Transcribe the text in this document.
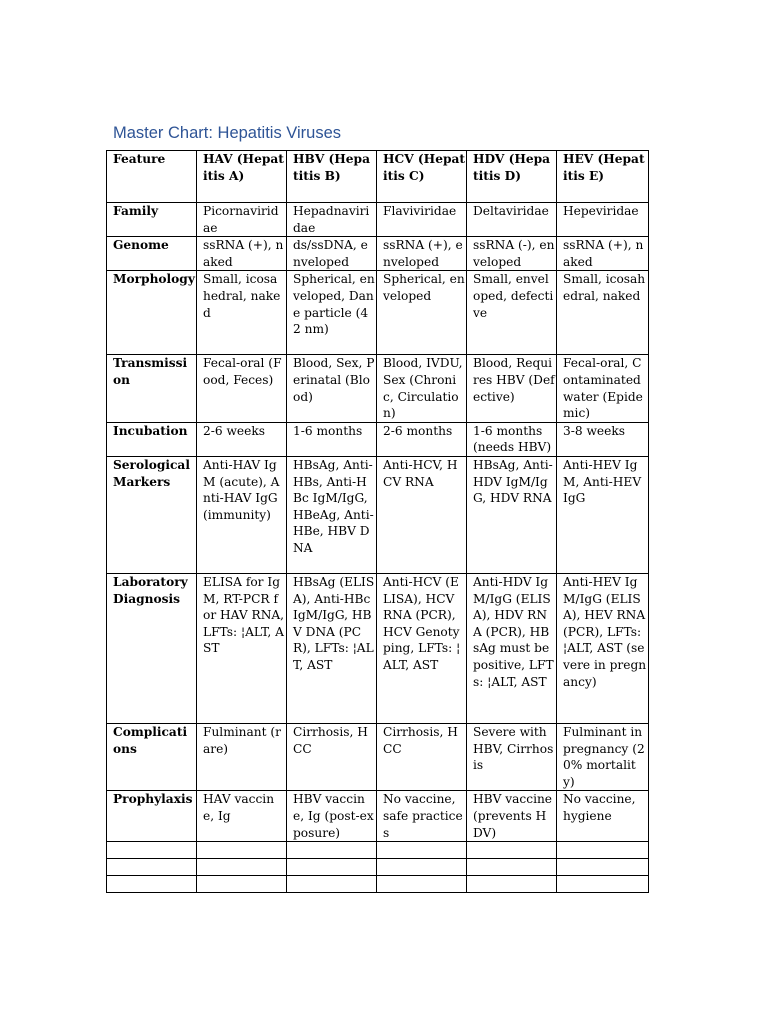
Master Chart: Hepatitis Viruses
Feature	HAV (Hepatitis A)	HBV (Hepatitis B)	HCV (Hepatitis C)	HDV (Hepatitis D)	HEV (Hepatitis E)
Family	Picornaviridae	Hepadnaviridae	Flaviviridae	Deltaviridae	Hepeviridae
Genome	ssRNA (+), naked	ds/ssDNA, enveloped	ssRNA (+), enveloped	ssRNA (-), enveloped	ssRNA (+), naked
Morphology	Small, icosahedral, naked	Spherical, enveloped, Dane particle (42 nm)	Spherical, enveloped	Small, enveloped, defective	Small, icosahedral, naked
Transmission	Fecal-oral (Food, Feces)	Blood, Sex, Perinatal (Blood)	Blood, IVDU, Sex (Chronic, Circulation)	Blood, Requires HBV (Defective)	Fecal-oral, Contaminated water (Epidemic)
Incubation	2-6 weeks	1-6 months	2-6 months	1-6 months (needs HBV)	3-8 weeks
Serological Markers	Anti-HAV IgM (acute), Anti-HAV IgG (immunity)	HBsAg, Anti-HBs, Anti-HBc IgM/IgG, HBeAg, Anti-HBe, HBV DNA	Anti-HCV, HCV RNA	HBsAg, Anti-HDV IgM/IgG, HDV RNA	Anti-HEV IgM, Anti-HEV IgG
Laboratory Diagnosis	ELISA for IgM, RT-PCR for HAV RNA, LFTs: ¦ALT, AST	HBsAg (ELISA), Anti-HBc IgM/IgG, HBV DNA (PCR), LFTs: ¦ALT, AST	Anti-HCV (ELISA), HCV RNA (PCR), HCV Genotyping, LFTs: ¦ALT, AST	Anti-HDV IgM/IgG (ELISA), HDV RNA (PCR), HBsAg must be positive, LFTs: ¦ALT, AST	Anti-HEV IgM/IgG (ELISA), HEV RNA (PCR), LFTs: ¦ALT, AST (severe in pregnancy)
Complications	Fulminant (rare)	Cirrhosis, HCC	Cirrhosis, HCC	Severe with HBV, Cirrhosis	Fulminant in pregnancy (20% mortality)
Prophylaxis	HAV vaccine, Ig	HBV vaccine, Ig (post-exposure)	No vaccine, safe practices	HBV vaccine (prevents HDV)	No vaccine, hygiene
